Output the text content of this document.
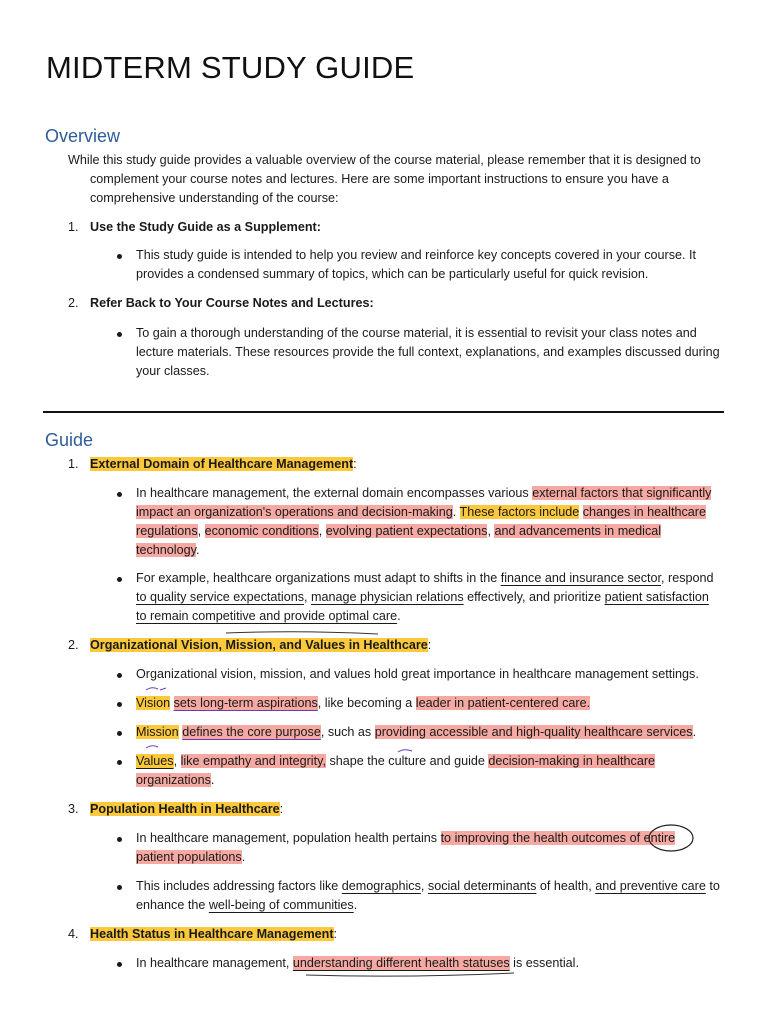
MIDTERM STUDY GUIDE
Overview
While this study guide provides a valuable overview of the course material, please remember that it is designed to
complement your course notes and lectures. Here are some important instructions to ensure you have a
comprehensive understanding of the course:
1. Use the Study Guide as a Supplement:
This study guide is intended to help you review and reinforce key concepts covered in your course. It
provides a condensed summary of topics, which can be particularly useful for quick revision.
2. Refer Back to Your Course Notes and Lectures:
To gain a thorough understanding of the course material, it is essential to revisit your class notes and
lecture materials. These resources provide the full context, explanations, and examples discussed during
your classes.
Guide
1. External Domain of Healthcare Management:
In healthcare management, the external domain encompasses various external factors that significantly
impact an organization's operations and decision-making. These factors include changes in healthcare
regulations, economic conditions, evolving patient expectations, and advancements in medical
technology.
For example, healthcare organizations must adapt to shifts in the finance and insurance sector, respond
to quality service expectations, manage physician relations effectively, and prioritize patient satisfaction
to remain competitive and provide optimal care.
2. Organizational Vision, Mission, and Values in Healthcare:
Organizational vision, mission, and values hold great importance in healthcare management settings.
Vision sets long-term aspirations, like becoming a leader in patient-centered care.
Mission defines the core purpose, such as providing accessible and high-quality healthcare services.
Values, like empathy and integrity, shape the culture and guide decision-making in healthcare
organizations.
3. Population Health in Healthcare:
In healthcare management, population health pertains to improving the health outcomes of entire
patient populations.
This includes addressing factors like demographics, social determinants of health, and preventive care to
enhance the well-being of communities.
4. Health Status in Healthcare Management:
In healthcare management, understanding different health statuses is essential.
